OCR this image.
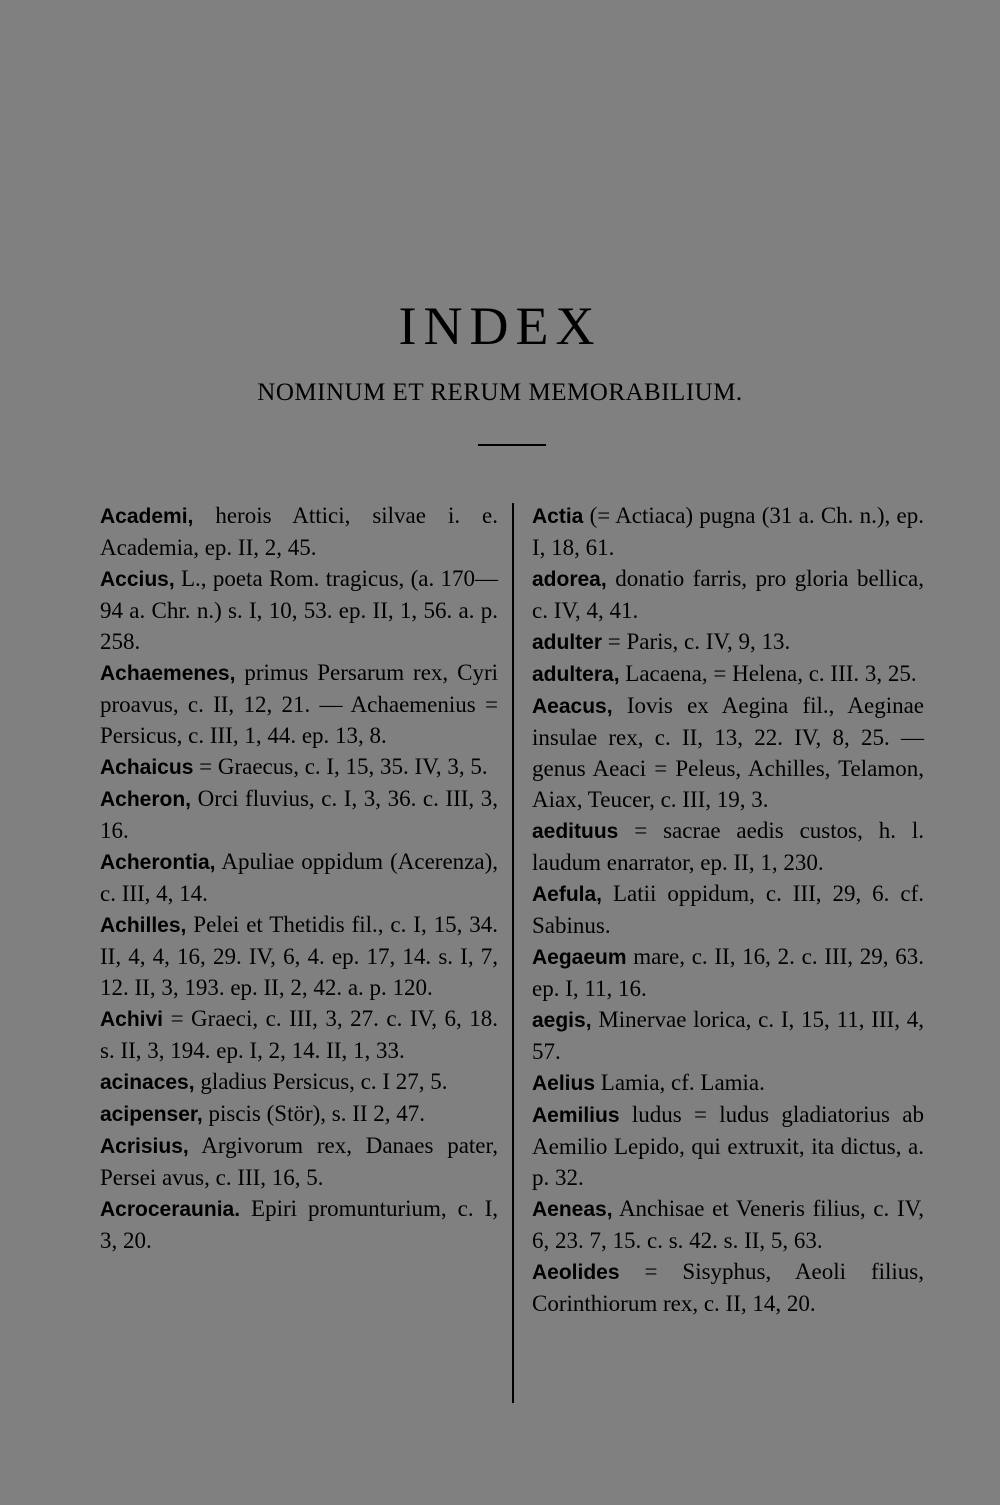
INDEX
NOMINUM ET RERUM MEMORABILIUM.
Academi, herois Attici, silvae i. e. Academia, ep. II, 2, 45.
Accius, L., poeta Rom. tragicus, (a. 170—94 a. Chr. n.) s. I, 10, 53. ep. II, 1, 56. a. p. 258.
Achaemenes, primus Persarum rex, Cyri proavus, c. II, 12, 21. — Achaemenius = Persicus, c. III, 1, 44. ep. 13, 8.
Achaicus = Graecus, c. I, 15, 35. IV, 3, 5.
Acheron, Orci fluvius, c. I, 3, 36. c. III, 3, 16.
Acherontia, Apuliae oppidum (Acerenza), c. III, 4, 14.
Achilles, Pelei et Thetidis fil., c. I, 15, 34. II, 4, 4, 16, 29. IV, 6, 4. ep. 17, 14. s. I, 7, 12. II, 3, 193. ep. II, 2, 42. a. p. 120.
Achivi = Graeci, c. III, 3, 27. c. IV, 6, 18. s. II, 3, 194. ep. I, 2, 14. II, 1, 33.
acinaces, gladius Persicus, c. I 27, 5.
acipenser, piscis (Stör), s. II 2, 47.
Acrisius, Argivorum rex, Danaes pater, Persei avus, c. III, 16, 5.
Acroceraunia. Epiri promunturium, c. I, 3, 20.
Actia (= Actiaca) pugna (31 a. Ch. n.), ep. I, 18, 61.
adorea, donatio farris, pro gloria bellica, c. IV, 4, 41.
adulter = Paris, c. IV, 9, 13.
adultera, Lacaena, = Helena, c. III. 3, 25.
Aeacus, Iovis ex Aegina fil., Aeginae insulae rex, c. II, 13, 22. IV, 8, 25. — genus Aeaci = Peleus, Achilles, Telamon, Aiax, Teucer, c. III, 19, 3.
aedituus = sacrae aedis custos, h. l. laudum enarrator, ep. II, 1, 230.
Aefula, Latii oppidum, c. III, 29, 6. cf. Sabinus.
Aegaeum mare, c. II, 16, 2. c. III, 29, 63. ep. I, 11, 16.
aegis, Minervae lorica, c. I, 15, 11, III, 4, 57.
Aelius Lamia, cf. Lamia.
Aemilius ludus = ludus gladiatorius ab Aemilio Lepido, qui extruxit, ita dictus, a. p. 32.
Aeneas, Anchisae et Veneris filius, c. IV, 6, 23. 7, 15. c. s. 42. s. II, 5, 63.
Aeolides = Sisyphus, Aeoli filius, Corinthiorum rex, c. II, 14, 20.
